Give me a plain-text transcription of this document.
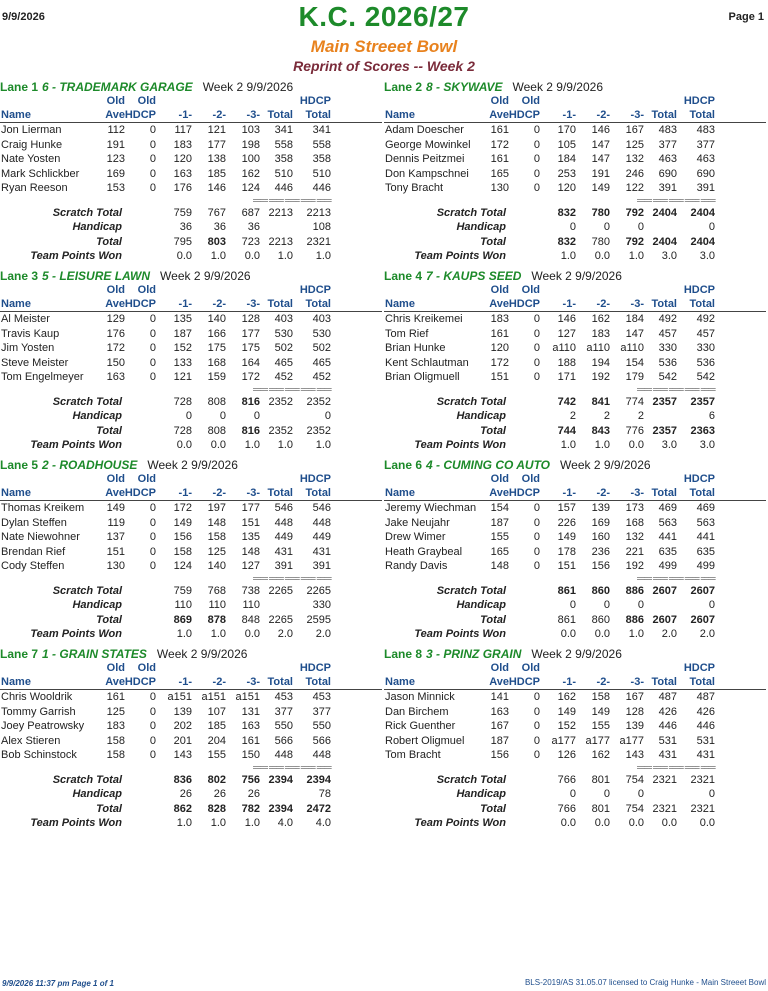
9/9/2026	K.C. 2026/27	Page 1
Main Streeet Bowl
Reprint of Scores -- Week 2
Lane 1 6 - TRADEMARK GARAGE Week 2 9/9/2026
Old Old	HDCP
Name	Ave HDCP -1- -2- -3- Total Total
Jon Lierman	112 0 117 121 103 341 341
Craig Hunke	191 0 183 177 198 558 558
Nate Yosten	123 0 120 138 100 358 358
Mark Schlickber 169 0 163 185 162 510 510
Ryan Reeson	153 0 176 146 124 446 446
==== ==== ==== ==== ====
Scratch Total	759 767 687 2213 2213
Handicap	36 36 36	108
Total	795 803 723 2213 2321
Team Points Won	0.0 1.0 0.0 1.0 1.0
Lane 2 8 - SKYWAVE Week 2 9/9/2026
Old Old	HDCP
Name	Ave HDCP -1- -2- -3- Total Total
Adam Doescher 161 0 170 146 167 483 483
George Mowinkel 172 0 105 147 125 377 377
Dennis Peitzmei 161 0 184 147 132 463 463
Don Kampschnei 165 0 253 191 246 690 690
Tony Bracht	130 0 120 149 122 391 391
==== ==== ==== ==== ====
Scratch Total	832 780 792 2404 2404
Handicap	0	0	0	0
Total	832 780 792 2404 2404
Team Points Won	1.0 0.0 1.0 3.0 3.0
Lane 3 5 - LEISURE LAWN Week 2 9/9/2026
Old Old	HDCP
Name	Ave HDCP -1- -2- -3- Total Total
Al Meister	129 0 135 140 128 403 403
Travis Kaup	176 0 187 166 177 530 530
Jim Yosten	172 0 152 175 175 502 502
Steve Meister	150 0 133 168 164 465 465
Tom Engelmeyer 163 0 121 159 172 452 452
==== ==== ==== ==== ====
Scratch Total	728 808 816 2352 2352
Handicap	0	0	0	0
Total	728 808 816 2352 2352
Team Points Won	0.0 0.0 1.0 1.0 1.0
Lane 4 7 - KAUPS SEED Week 2 9/9/2026
Old Old	HDCP
Name	Ave HDCP -1- -2- -3- Total Total
Chris Kreikemei	183 0 146 162 184 492 492
Tom Rief	161 0 127 183 147 457 457
Brian Hunke	120 0 a110 a110 a110 330 330
Kent Schlautman 172 0 188 194 154 536 536
Brian Oligmuell	151 0 171 192 179 542 542
==== ==== ==== ==== ====
Scratch Total	742 841 774 2357 2357
Handicap	2	2	2	6
Total	744 843 776 2357 2363
Team Points Won	1.0 1.0 0.0 3.0 3.0
Lane 5 2 - ROADHOUSE Week 2 9/9/2026
Old Old	HDCP
Name	Ave HDCP -1- -2- -3- Total Total
Thomas Kreikem 149 0 172 197 177 546 546
Dylan Steffen	119 0 149 148 151 448 448
Nate Niewohner 137 0 156 158 135 449 449
Brendan Rief	151 0 158 125 148 431 431
Cody Steffen	130 0 124 140 127 391 391
==== ==== ==== ==== ====
Scratch Total	759 768 738 2265 2265
Handicap	110 110 110	330
Total	869 878 848 2265 2595
Team Points Won	1.0 1.0 0.0 2.0 2.0
Lane 6 4 - CUMING CO AUTO Week 2 9/9/2026
Old Old	HDCP
Name	Ave HDCP -1- -2- -3- Total Total
Jeremy Wiechman 154 0 157 139 173 469 469
Jake Neujahr	187 0 226 169 168 563 563
Drew Wimer	155 0 149 160 132 441 441
Heath Graybeal	165 0 178 236 221 635 635
Randy Davis	148 0 151 156 192 499 499
==== ==== ==== ==== ====
Scratch Total	861 860 886 2607 2607
Handicap	0	0	0	0
Total	861 860 886 2607 2607
Team Points Won	0.0 0.0 1.0 2.0 2.0
Lane 7 1 - GRAIN STATES Week 2 9/9/2026
Old Old	HDCP
Name	Ave HDCP -1- -2- -3- Total Total
Chris Wooldrik	161 0 a151 a151 a151 453 453
Tommy Garrish	125 0 139 107 131 377 377
Joey Peatrowsky 183 0 202 185 163 550 550
Alex Stieren	158 0 201 204 161 566 566
Bob Schinstock	158 0 143 155 150 448 448
==== ==== ==== ==== ====
Scratch Total	836 802 756 2394 2394
Handicap	26 26 26	78
Total	862 828 782 2394 2472
Team Points Won	1.0 1.0 1.0 4.0 4.0
Lane 8 3 - PRINZ GRAIN Week 2 9/9/2026
Old Old	HDCP
Name	Ave HDCP -1- -2- -3- Total Total
Jason Minnick	141 0 162 158 167 487 487
Dan Birchem	163 0 149 149 128 426 426
Rick Guenther	167 0 152 155 139 446 446
Robert Oligmuel 187 0 a177 a177 a177 531 531
Tom Bracht	156 0 126 162 143 431 431
==== ==== ==== ==== ====
Scratch Total	766 801 754 2321 2321
Handicap	0	0	0	0
Total	766 801 754 2321 2321
Team Points Won	0.0 0.0 0.0 0.0 0.0
9/9/2026 11:37 pm Page 1 of 1	BLS-2019/AS 31.05.07 licensed to Craig Hunke - Main Streeet Bowl
